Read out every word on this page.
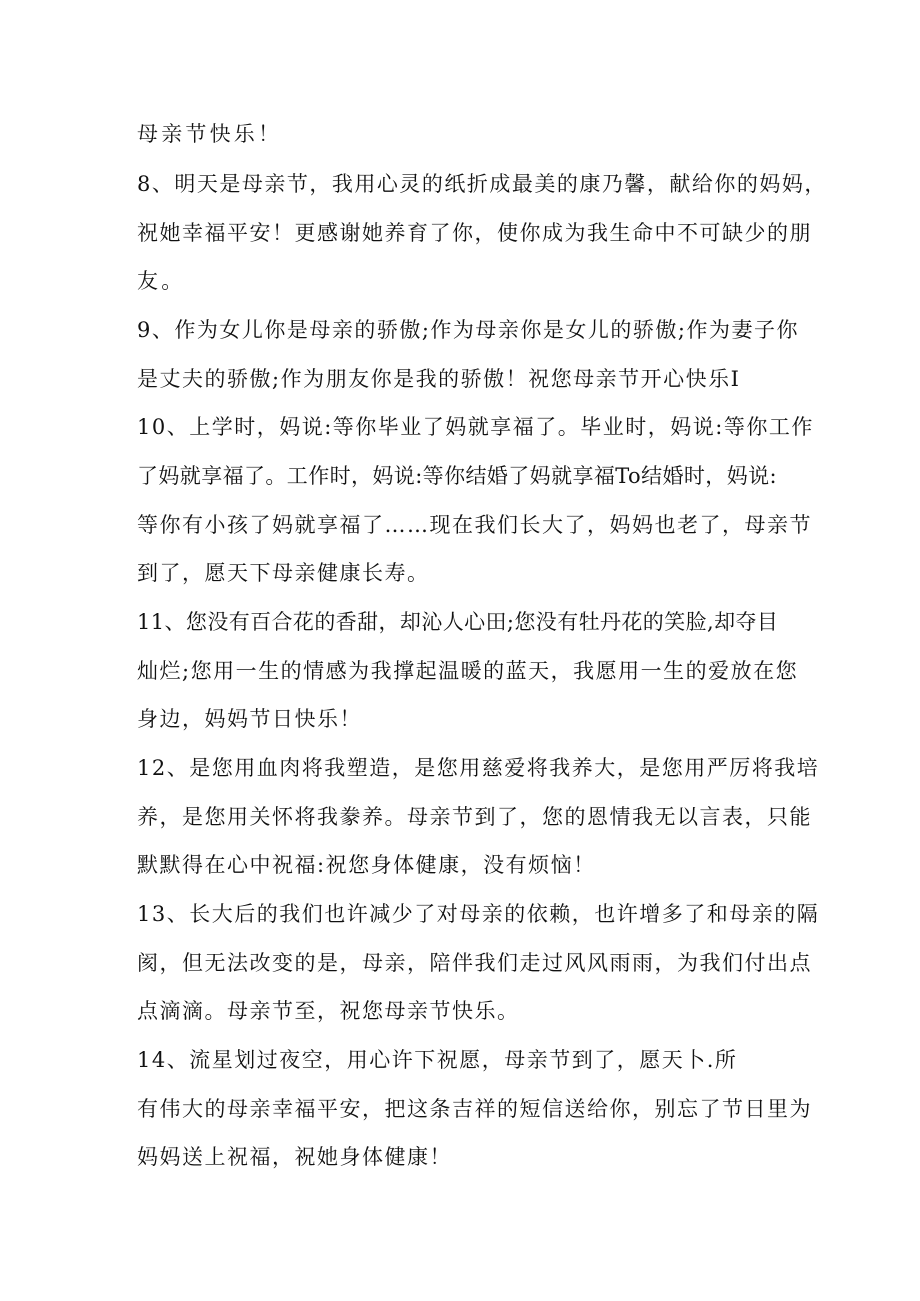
母亲节快乐！

8、明天是母亲节，我用心灵的纸折成最美的康乃馨，献给你的妈妈，

祝她幸福平安！更感谢她养育了你，使你成为我生命中不可缺少的朋

友。

9、作为女儿你是母亲的骄傲;作为母亲你是女儿的骄傲;作为妻子你

是丈夫的骄傲;作为朋友你是我的骄傲！祝您母亲节开心快乐I

10、上学时，妈说:等你毕业了妈就享福了。毕业时，妈说:等你工作

了妈就享福了。工作时，妈说:等你结婚了妈就享福To结婚时，妈说:

等你有小孩了妈就享福了……现在我们长大了，妈妈也老了，母亲节

到了，愿天下母亲健康长寿。

11、您没有百合花的香甜，却沁人心田;您没有牡丹花的笑脸,却夺目

灿烂;您用一生的情感为我撑起温暖的蓝天，我愿用一生的爱放在您

身边，妈妈节日快乐！

12、是您用血肉将我塑造，是您用慈爱将我养大，是您用严厉将我培

养，是您用关怀将我豢养。母亲节到了，您的恩情我无以言表，只能

默默得在心中祝福:祝您身体健康，没有烦恼！

13、长大后的我们也许减少了对母亲的依赖，也许增多了和母亲的隔

阂，但无法改变的是，母亲，陪伴我们走过风风雨雨，为我们付出点

点滴滴。母亲节至，祝您母亲节快乐。

14、流星划过夜空，用心许下祝愿，母亲节到了，愿天卜.所

有伟大的母亲幸福平安，把这条吉祥的短信送给你，别忘了节日里为

妈妈送上祝福，祝她身体健康！
